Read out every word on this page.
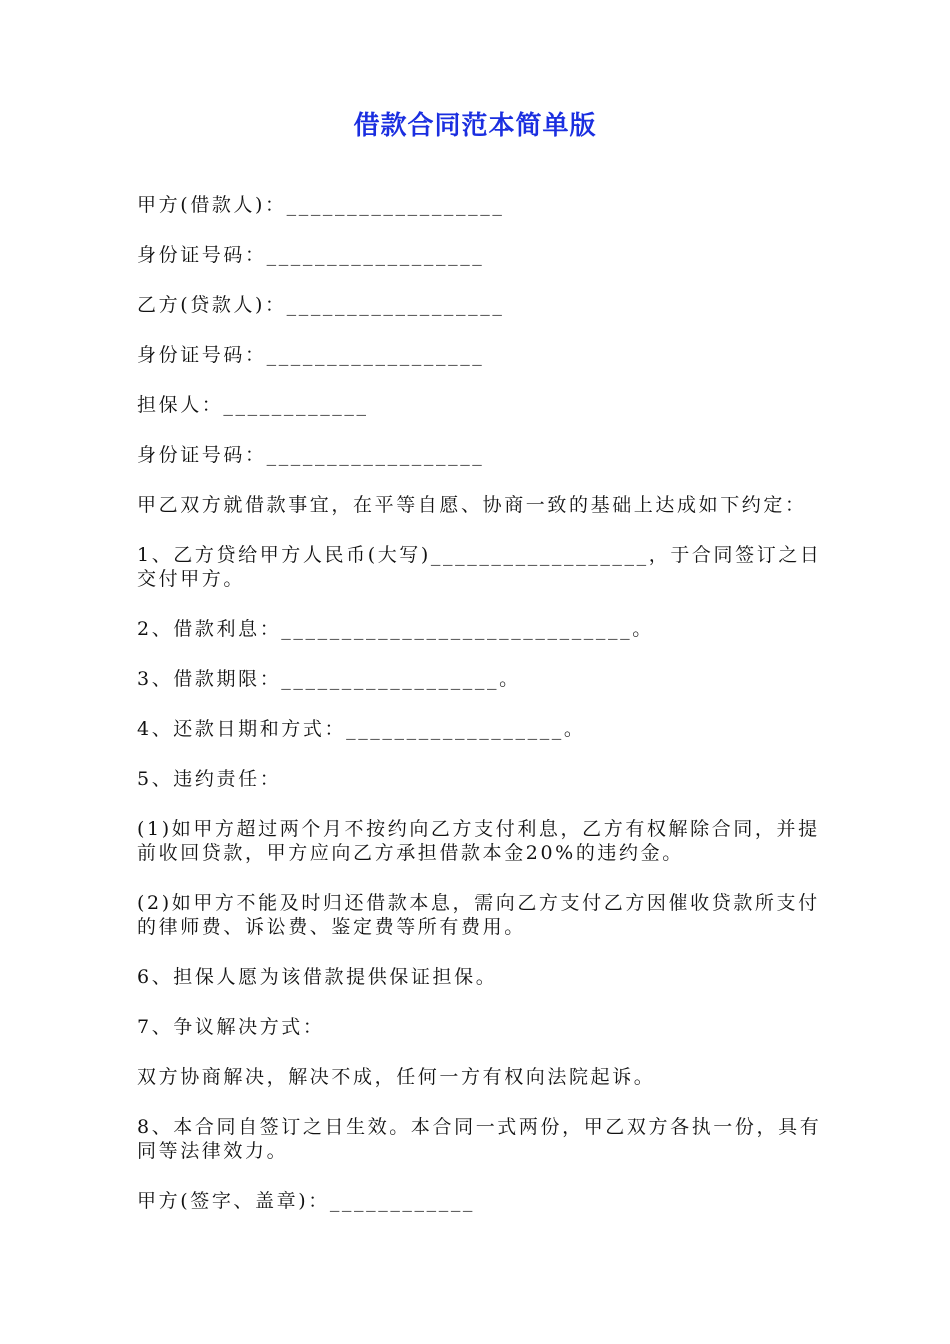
借款合同范本简单版

甲方(借款人)：__________________

身份证号码：__________________

乙方(贷款人)：__________________

身份证号码：__________________

担保人：____________

身份证号码：__________________

甲乙双方就借款事宜，在平等自愿、协商一致的基础上达成如下约定：

1、乙方贷给甲方人民币(大写)__________________，于合同签订之日交付甲方。

2、借款利息：_____________________________。

3、借款期限：__________________。

4、还款日期和方式：__________________。

5、违约责任：

(1)如甲方超过两个月不按约向乙方支付利息，乙方有权解除合同，并提前收回贷款，甲方应向乙方承担借款本金20%的违约金。

(2)如甲方不能及时归还借款本息，需向乙方支付乙方因催收贷款所支付的律师费、诉讼费、鉴定费等所有费用。

6、担保人愿为该借款提供保证担保。

7、争议解决方式：

双方协商解决，解决不成，任何一方有权向法院起诉。

8、本合同自签订之日生效。本合同一式两份，甲乙双方各执一份，具有同等法律效力。

甲方(签字、盖章)：____________
